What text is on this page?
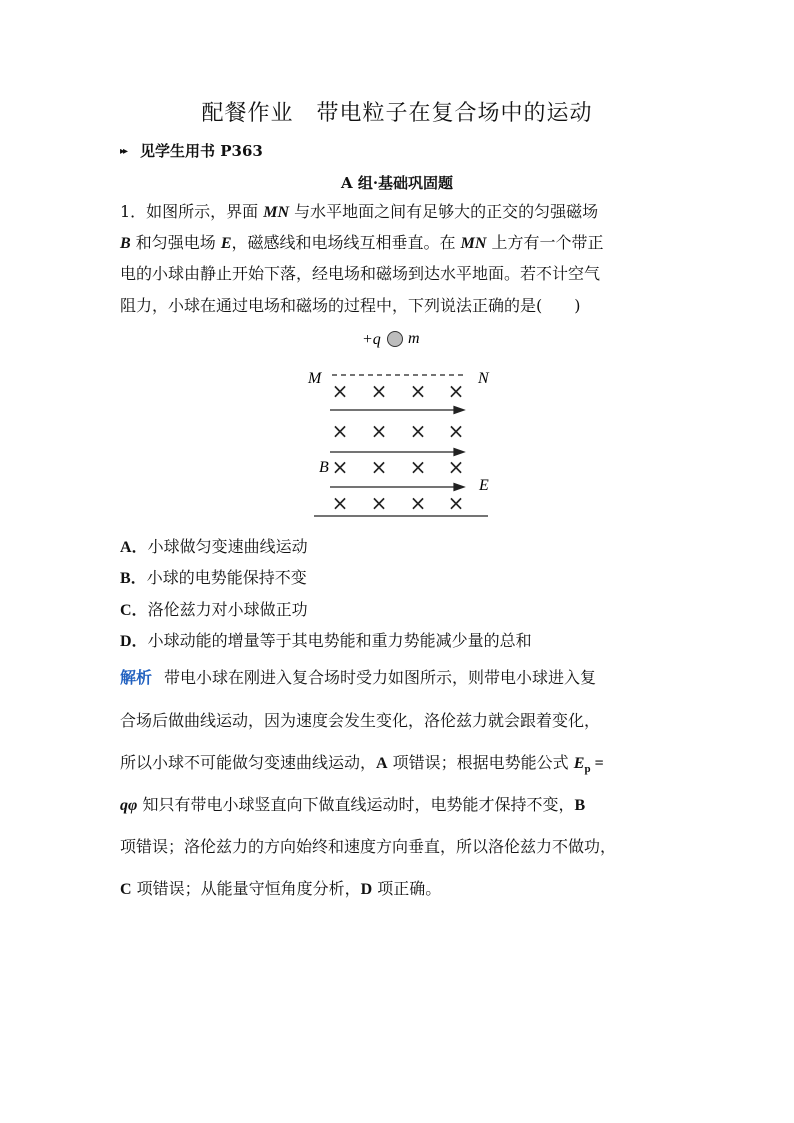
配餐作业　带电粒子在复合场中的运动
▸▸ 见学生用书 P363
A 组·基础巩固题
1．如图所示，界面 MN 与水平地面之间有足够大的正交的匀强磁场
B 和匀强电场 E，磁感线和电场线互相垂直。在 MN 上方有一个带正
电的小球由静止开始下落，经电场和磁场到达水平地面。若不计空气
阻力，小球在通过电场和磁场的过程中，下列说法正确的是(　　)
+q m
M	N
× × × ×
× × × ×
× × × ×
× × × ×
B
E
A．小球做匀变速曲线运动
B．小球的电势能保持不变
C．洛伦兹力对小球做正功
D．小球动能的增量等于其电势能和重力势能减少量的总和
解析 带电小球在刚进入复合场时受力如图所示，则带电小球进入复
合场后做曲线运动，因为速度会发生变化，洛伦兹力就会跟着变化，
所以小球不可能做匀变速曲线运动，A 项错误；根据电势能公式 $E_p$ =
qφ 知只有带电小球竖直向下做直线运动时，电势能才保持不变，B
项错误；洛伦兹力的方向始终和速度方向垂直，所以洛伦兹力不做功，
C 项错误；从能量守恒角度分析，D 项正确。
